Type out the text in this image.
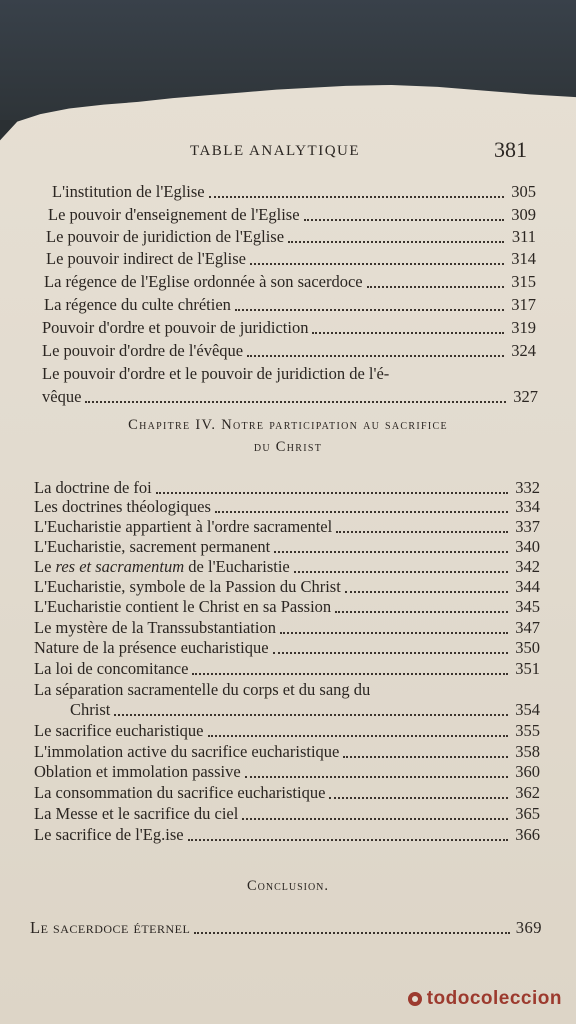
TABLE ANALYTIQUE	381
L'institution de l'Eglise	305
Le pouvoir d'enseignement de l'Eglise	309
Le pouvoir de juridiction de l'Eglise	311
Le pouvoir indirect de l'Eglise	314
La régence de l'Eglise ordonnée à son sacerdoce	315
La régence du culte chrétien	317
Pouvoir d'ordre et pouvoir de juridiction	319
Le pouvoir d'ordre de l'évêque	324
Le pouvoir d'ordre et le pouvoir de juridiction de l'é-
vêque	327
Chapitre IV. Notre participation au sacrifice
du Christ
La doctrine de foi	332
Les doctrines théologiques	334
L'Eucharistie appartient à l'ordre sacramentel	337
L'Eucharistie, sacrement permanent	340
Le res et sacramentum de l'Eucharistie	342
L'Eucharistie, symbole de la Passion du Christ	344
L'Eucharistie contient le Christ en sa Passion	345
Le mystère de la Transsubstantiation	347
Nature de la présence eucharistique	350
La loi de concomitance	351
La séparation sacramentelle du corps et du sang du
Christ	354
Le sacrifice eucharistique	355
L'immolation active du sacrifice eucharistique	358
Oblation et immolation passive	360
La consommation du sacrifice eucharistique	362
La Messe et le sacrifice du ciel	365
Le sacrifice de l'Eg.ise	366
Conclusion.
Le sacerdoce éternel	369
todocoleccion
